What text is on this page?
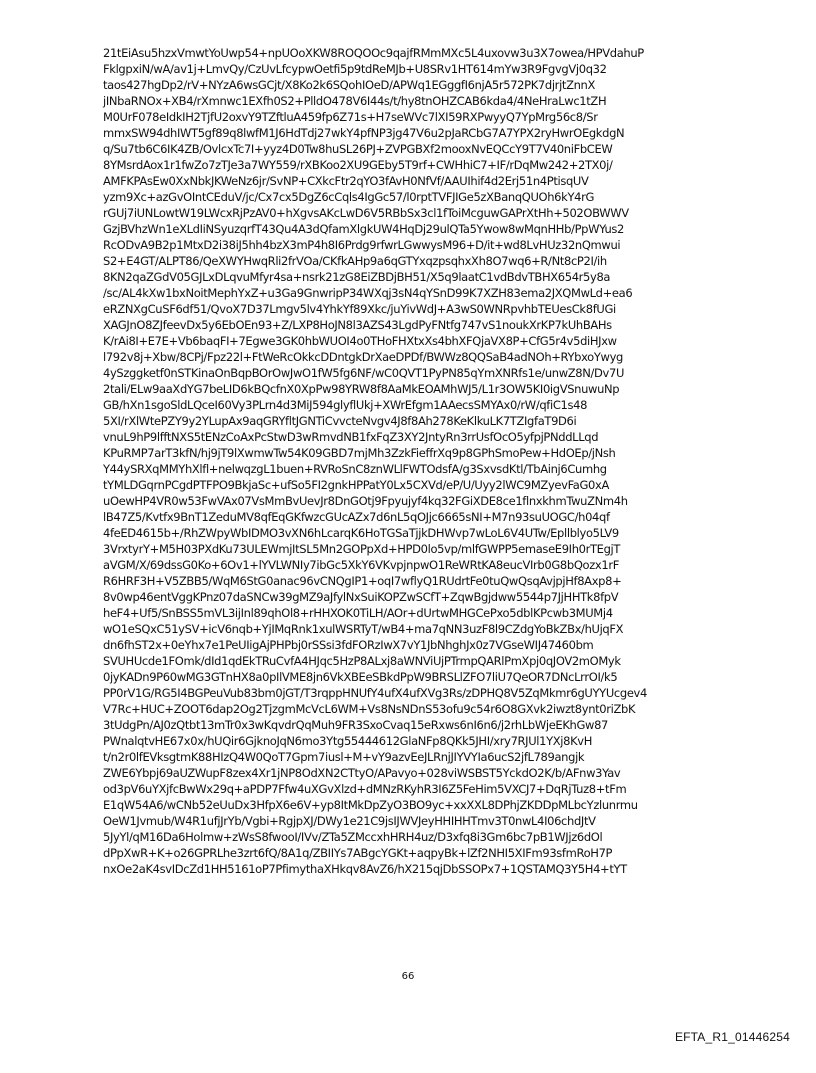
21tEiAsu5hzxVmwtYoUwp54+npUOoXKW8ROQOOc9qajfRMmMXc5L4uxovw3u3X7owea/HPVdahuP
FklgpxiN/wA/av1j+LmvQy/CzUvLfcypwOetfi5p9tdReMJb+U8SRv1HT614mYw3R9FgvgVj0q32
taos427hgDp2/rV+NYzA6wsGCjt/X8Ko2k6SQohIOeD/APWq1EGggfI6njA5r572PK7djrjtZnnX
jINbaRNOx+XB4/rXmnwc1EXfh0S2+PlldO478V6I44s/t/hy8tnOHZCAB6kda4/4NeHraLwc1tZH
M0UrF078eIdkIH2TjfU2oxvY9TZftluA459fp6Z71s+H7seWVc7lXI59RXPwyyQ7YpMrg56c8/Sr
mmxSW94dhIWT5gf89q8lwfM1J6HdTdj27wkY4pfNP3jg47V6u2pJaRCbG7A7YPX2ryHwrOEgkdgN
q/Su7tb6C6IK4ZB/OvlcxTc7I+yyz4D0Tw8huSL26PJ+ZVPGBXf2mooxNvEQCcY9T7V40niFbCEW
8YMsrdAox1r1fwZo7zTJe3a7WY559/rXBKoo2XU9GEby5T9rf+CWHhiC7+IF/rDqMw242+2TX0j/
AMFKPAsEw0XxNbkJKWeNz6jr/SvNP+CXkcFtr2qYO3fAvH0NfVf/AAUIhif4d2Erj51n4PtisqUV
yzm9Xc+azGvOIntCEduV/jc/Cx7cx5DgZ6cCqls4IgGc57/l0rptTVFJIGe5zXBanqQUOh6kY4rG
rGUj7iUNLowtW19LWcxRjPzAV0+hXgvsAKcLwD6V5RBbSx3cl1fToiMcguwGAPrXtHh+502OBWWV
GzjBVhzWn1eXLdIiNSyuzqrfT43Qu4A3dQfamXlgkUW4HqDj29ulQTa5Ywow8wMqnHHb/PpWYus2
RcODvA9B2p1MtxD2i38iJ5hh4bzX3mP4h8I6Prdg9rfwrLGwwysM96+D/it+wd8LvHUz32nQmwui
S2+E4GT/ALPT86/QeXWYHwqRli2frVOa/CKfkAHp9a6qGTYxqzpsqhxXh8O7wq6+R/Nt8cP2I/ih
8KN2qaZGdV05GJLxDLqvuMfyr4sa+nsrk21zG8EiZBDjBH51/X5q9laatC1vdBdvTBHX654r5y8a
/sc/AL4kXw1bxNoitMephYxZ+u3Ga9GnwripP34WXqj3sN4qYSnD99K7XZH83ema2JXQMwLd+ea6
eRZNXgCuSF6df51/QvoX7D37Lmgv5lv4YhkYf89Xkc/juYivWdJ+A3wS0WNRpvhbTEUesCk8fUGi
XAGJnO8ZJfeevDx5y6EbOEn93+Z/LXP8HoJN8l3AZS43LgdPyFNtfg747vS1noukXrKP7kUhBAHs
K/rAi8I+E7E+Vb6baqFI+7Egwe3GK0hbWUOI4o0THoFHXtxXs4bhXFQjaVX8P+CfG5r4v5diHJxw
l792v8j+Xbw/8CPj/Fpz22l+FtWeRcOkkcDDntgkDrXaeDPDf/BWWz8QQSaB4adNOh+RYbxoYwyg
4ySzggketf0nSTKinaOnBqpBOrOwJwO1fW5fg6NF/wC0QVT1PyPN85qYmXNRfs1e/unwZ8N/Dv7U
2tali/ELw9aaXdYG7beLID6kBQcfnX0XpPw98YRW8f8AaMkEOAMhWJ5/L1r3OW5KI0igVSnuwuNp
GB/hXn1sgoSldLQceI60Vy3PLrn4d3MiJ594glyflUkj+XWrEfgm1AAecsSMYAx0/rW/qfiC1s48
5XI/rXlWtePZY9y2YLupAx9aqGRYfltJGNTiCvvcteNvgv4J8f8Ah278KeKlkuLK7TZIgfaT9D6i
vnuL9hP9lfftNXS5tENzCoAxPcStwD3wRmvdNB1fxFqZ3XY2JntyRn3rrUsfOcO5yfpjPNddLLqd
KPuRMP7arT3kfN/hj9jT9lXwmwTw54K09GBD7mjMh3ZzkFieffrXq9p8GPhSmoPew+HdOEp/jNsh
Y44ySRXqMMYhXlfl+nelwqzgL1buen+RVRoSnC8znWLlFWTOdsfA/g3SxvsdKtl/TbAinj6Cumhg
tYMLDGqrnPCgdPTFPO9BkjaSc+ufSo5FI2gnkHPPatY0Lx5CXVd/eP/U/Uyy2lWC9MZyevFaG0xA
uOewHP4VR0w53FwVAx07VsMmBvUevJr8DnGOtj9Fpyujyf4kq32FGiXDE8ce1flnxkhmTwuZNm4h
lB47Z5/Kvtfx9BnT1ZeduMV8qfEqGKfwzcGUcAZx7d6nL5qOJjc6665sNI+M7n93suUOGC/h04qf
4feED4615b+/RhZWpyWbIDMO3vXN6hLcarqK6HoTGSaTjjkDHWvp7wLoL6V4UTw/Epllblyo5LV9
3VrxtyrY+M5H03PXdKu73ULEWmjItSL5Mn2GOPpXd+HPD0lo5vp/mlfGWPP5emaseE9Ih0rTEgjT
aVGM/X/69dssG0Ko+6Ov1+lYVLWNIy7ibGc5XkY6VKvpjnpwO1ReWRtKA8eucVIrb0G8bQozx1rF
R6HRF3H+V5ZBB5/WqM6StG0anac96vCNQgIP1+oqI7wflyQ1RUdrtFe0tuQwQsqAvjpjHf8Axp8+
8v0wp46entVggKPnz07daSNCw39gMZ9aJfylNxSuiKOPZwSCfT+ZqwBgjdww5544p7JjHHTk8fpV
heF4+Uf5/SnBSS5mVL3ijInl89qhOl8+rHHXOK0TiLH/AOr+dUrtwMHGCePxo5dblKPcwb3MUMj4
wO1eSQxC51ySV+icV6nqb+YjIMqRnk1xulWSRTyT/wB4+ma7qNN3uzF8l9CZdgYoBkZBx/hUjqFX
dn6fhST2x+0eYhx7e1PeUIigAjPHPbj0rSSsi3fdFORzIwX7vY1JbNhghJx0z7VGseWIJ47460bm
SVUHUcde1FOmk/dId1qdEkTRuCvfA4HJqc5HzP8ALxj8aWNViUjPTrmpQARlPmXpj0qJOV2mOMyk
0jyKADn9P60wMG3GTnHX8a0pIlVME8jn6VkXBEeSBkdPpW9BRSLlZFO7liU7QeOR7DNcLrrOI/k5
PP0rV1G/RG5I4BGPeuVub83bm0jGT/T3rqppHNUfY4ufX4ufXVg3Rs/zDPHQ8V5ZqMkmr6gUYYUcgev4
V7Rc+HUC+ZOOT6dap2Og2TjzgmMcVcL6WM+Vs8NsNDnS53ofu9c54r6O8GXvk2iwzt8ynt0riZbK
3tUdgPn/AJ0zQtbt13mTr0x3wKqvdrQqMuh9FR3SxoCvaq15eRxws6nI6n6/j2rhLbWjeEKhGw87
PWnalqtvHE67x0x/hUQir6GjknoJqN6mo3Ytg55444612GlaNFp8QKk5JHI/xry7RJUl1YXj8KvH
t/n2r0lfEVksgtmK88HIzQ4W0QoT7Gpm7iusl+M+vY9azvEeJLRnjJIYVYIa6ucS2jfL789angjk
ZWE6Ybpj69aUZWupF8zex4Xr1jNP8OdXN2CTtyO/APavyo+028viWSBST5YckdO2K/b/AFnw3Yav
od3pV6uYXjfcBwWx29q+aPDP7Ffw4uXGvXlzd+dMNzRKyhR3I6Z5FeHim5VXCJ7+DqRjTuz8+tFm
E1qW54A6/wCNb52eUuDx3HfpX6e6V+yp8ItMkDpZyO3BO9yc+xxXXL8DPhjZKDDpMLbcYzlunrmu
OeW1Jvmub/W4R1ufjJrYb/Vgbi+RgjpXJ/DWy1e21C9jsIJWVJeyHHIHHTmv3T0nwL4I06chdJtV
5JyYl/qM16Da6Holmw+zWsS8fwooI/IVv/ZTa5ZMccxhHRH4uz/D3xfq8i3Gm6bc7pB1WJjz6dOl
dPpXwR+K+o26GPRLhe3zrt6fQ/8A1q/ZBIIYs7ABgcYGKt+aqpyBk+lZf2NHI5XIFm93sfmRoH7P
nxOe2aK4svIDcZd1HH5161oP7PfimythaXHkqv8AvZ6/hX215qjDbSSOPx7+1QSTAMQ3Y5H4+tYT
66
EFTA_R1_01446254
